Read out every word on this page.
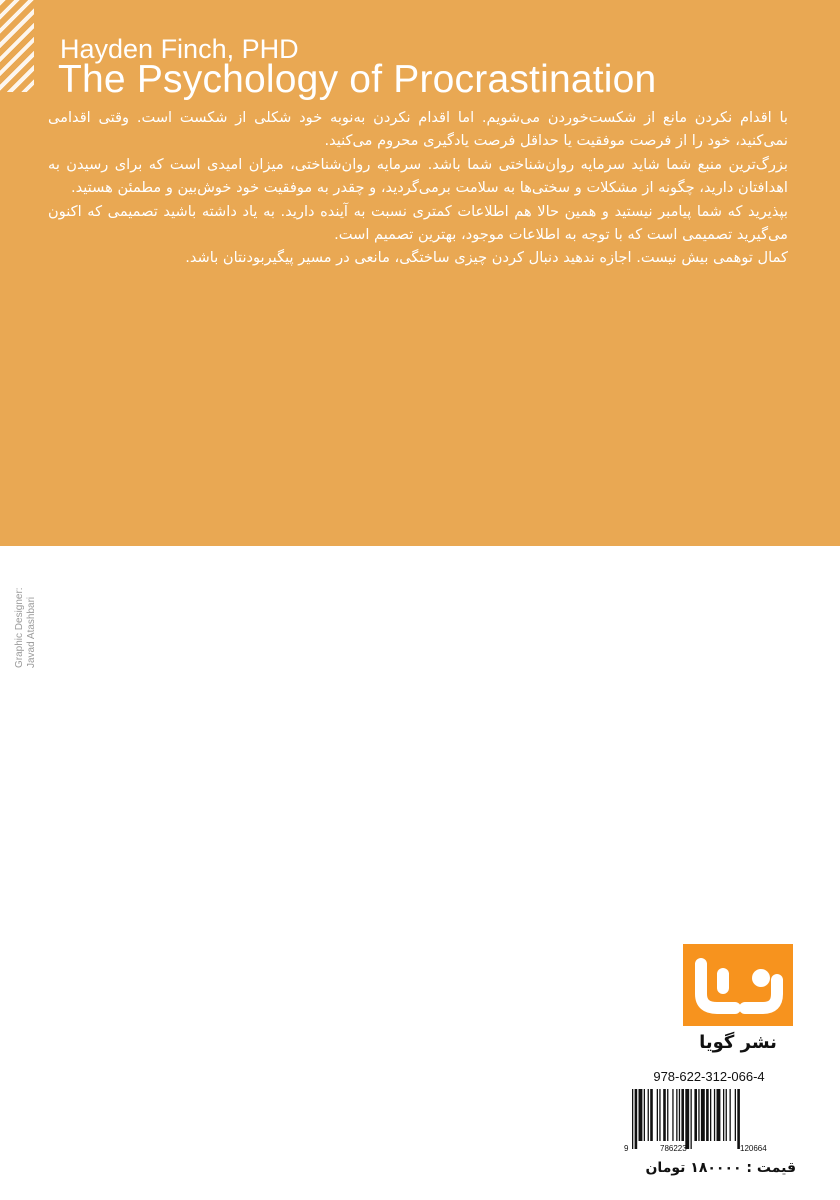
Hayden Finch, PHD
The Psychology of Procrastination

با اقدام نکردن مانع از شکست‌خوردن می‌شویم. اما اقدام نکردن به‌نوبه خود شکلی از شکست است. وقتی اقدامی نمی‌کنید، خود را از فرصت موفقیت یا حداقل فرصت یادگیری محروم می‌کنید.

بزرگ‌ترین منبع شما شاید سرمایه روان‌شناختی شما باشد. سرمایه روان‌شناختی، میزان امیدی است که برای رسیدن به اهدافتان دارید، چگونه از مشکلات و سختی‌ها به سلامت برمی‌گردید، و چقدر به موفقیت خود خوش‌بین و مطمئن هستید.

بپذیرید که شما پیامبر نیستید و همین حالا هم اطلاعات کمتری نسبت به آینده دارید. به یاد داشته باشید تصمیمی که اکنون می‌گیرید تصمیمی است که با توجه به اطلاعات موجود، بهترین تصمیم است.

کمال توهمی بیش نیست. اجازه ندهید دنبال کردن چیزی ساختگی، مانعی در مسیر پیگیربودنتان باشد.

Graphic Designer: Javad Atashbari
نشر گویا
978-622-312-066-4
9	786223	120664
قیمت : ۱۸۰۰۰۰ تومان
